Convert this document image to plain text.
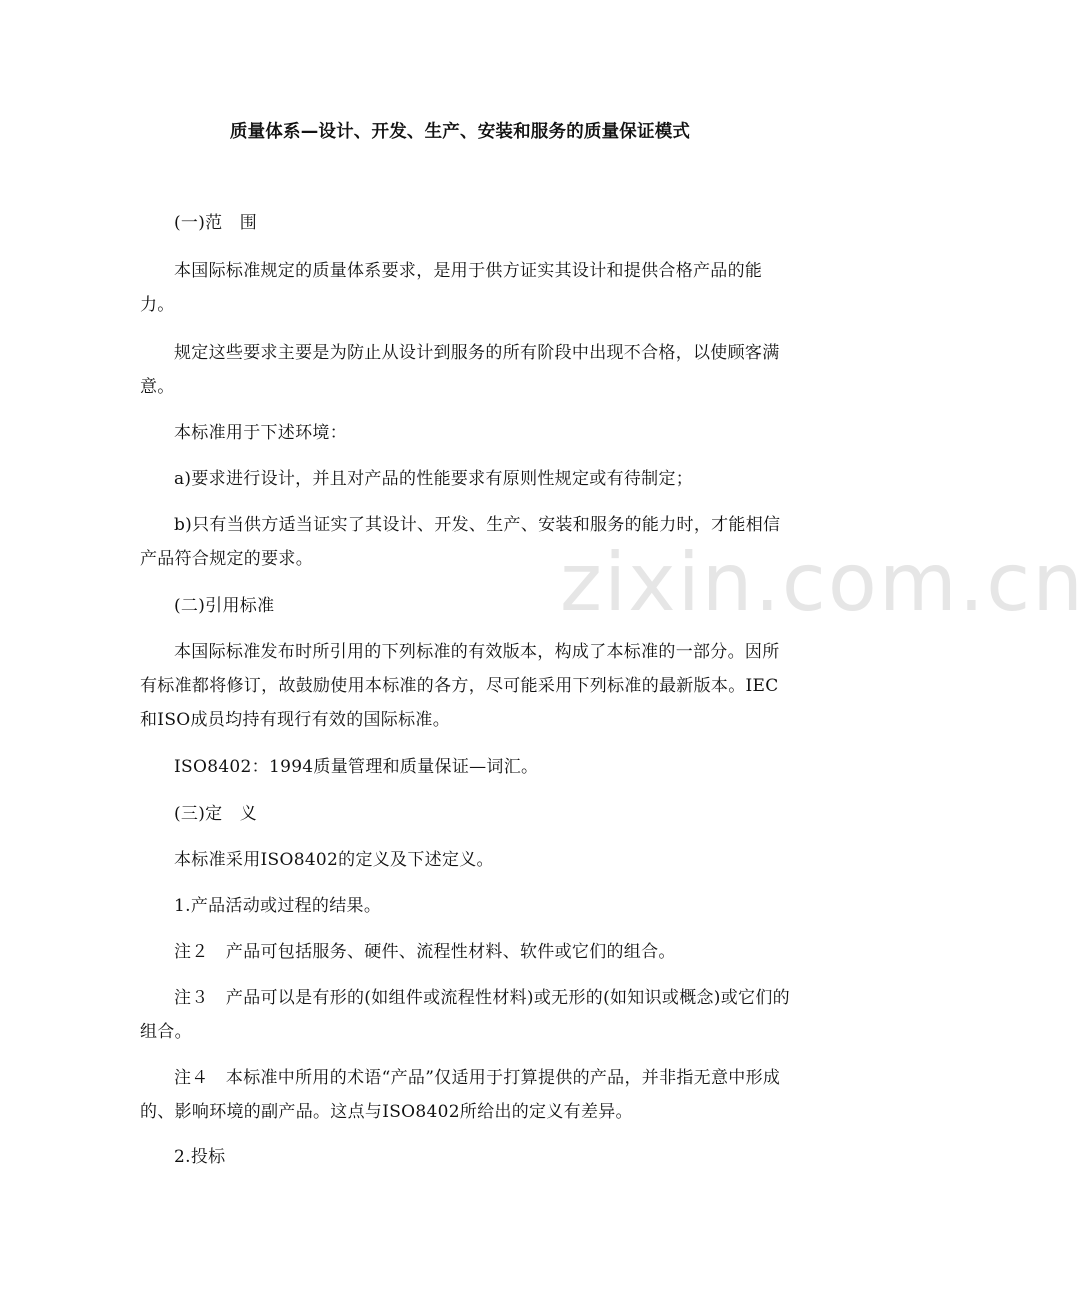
zixin.com.cn
质量体系—设计、开发、生产、安装和服务的质量保证模式
(一)范　围
本国际标准规定的质量体系要求，是用于供方证实其设计和提供合格产品的能力。
规定这些要求主要是为防止从设计到服务的所有阶段中出现不合格，以使顾客满意。
本标准用于下述环境：
a)要求进行设计，并且对产品的性能要求有原则性规定或有待制定；
b)只有当供方适当证实了其设计、开发、生产、安装和服务的能力时，才能相信产品符合规定的要求。
(二)引用标准
本国际标准发布时所引用的下列标准的有效版本，构成了本标准的一部分。因所有标准都将修订，故鼓励使用本标准的各方，尽可能采用下列标准的最新版本。IEC和ISO成员均持有现行有效的国际标准。
ISO8402：1994质量管理和质量保证—词汇。
(三)定　义
本标准采用ISO8402的定义及下述定义。
1.产品活动或过程的结果。
注２　产品可包括服务、硬件、流程性材料、软件或它们的组合。
注３　产品可以是有形的(如组件或流程性材料)或无形的(如知识或概念)或它们的组合。
注４　本标准中所用的术语“产品”仅适用于打算提供的产品，并非指无意中形成的、影响环境的副产品。这点与ISO8402所给出的定义有差异。
2.投标
